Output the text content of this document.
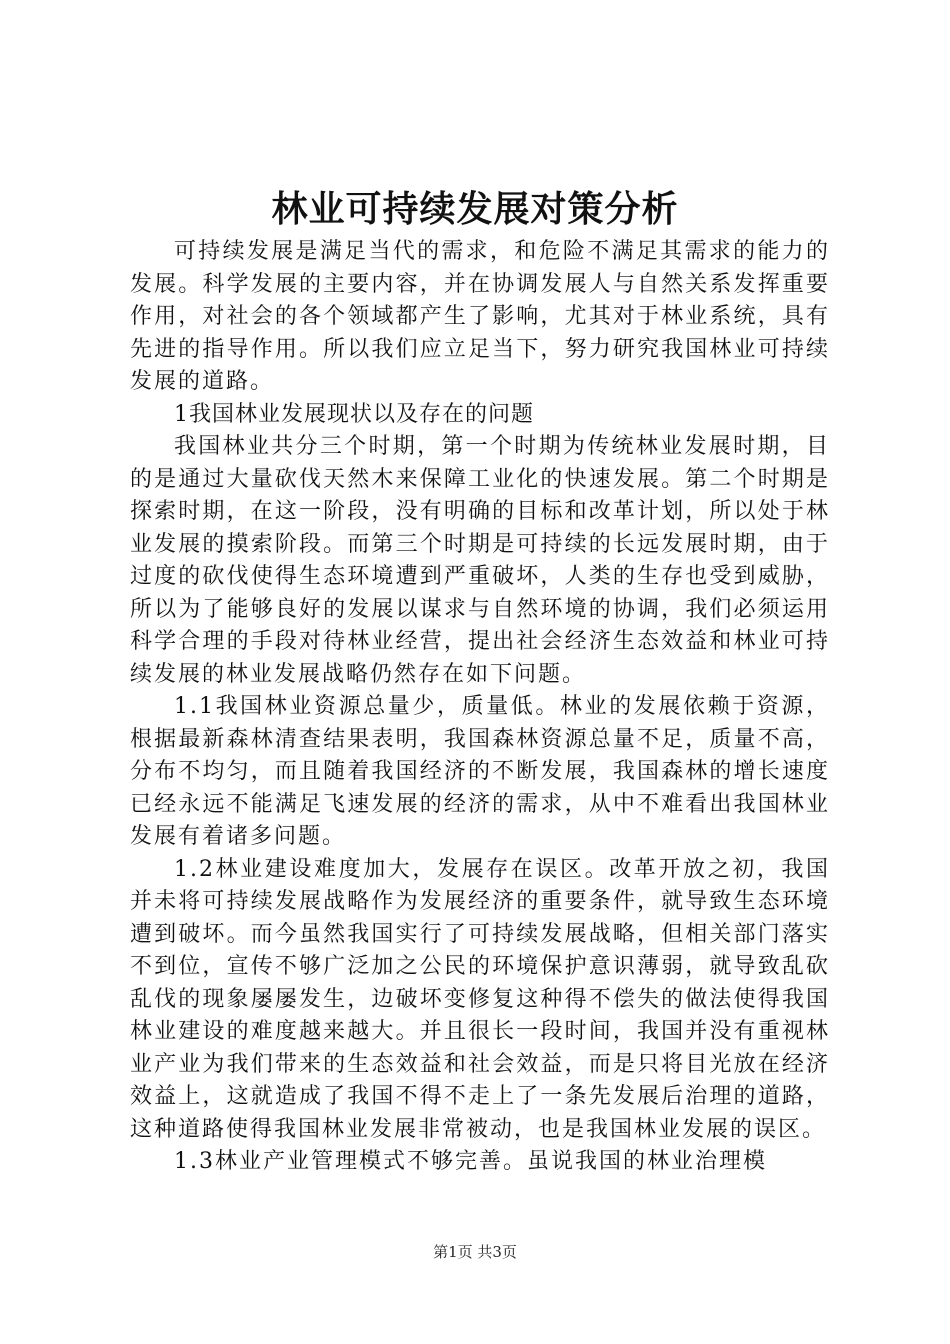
林业可持续发展对策分析

可持续发展是满足当代的需求，和危险不满足其需求的能力的发展。科学发展的主要内容，并在协调发展人与自然关系发挥重要作用，对社会的各个领域都产生了影响，尤其对于林业系统，具有先进的指导作用。所以我们应立足当下，努力研究我国林业可持续发展的道路。

1我国林业发展现状以及存在的问题

我国林业共分三个时期，第一个时期为传统林业发展时期，目的是通过大量砍伐天然木来保障工业化的快速发展。第二个时期是探索时期，在这一阶段，没有明确的目标和改革计划，所以处于林业发展的摸索阶段。而第三个时期是可持续的长远发展时期，由于过度的砍伐使得生态环境遭到严重破坏，人类的生存也受到威胁，所以为了能够良好的发展以谋求与自然环境的协调，我们必须运用科学合理的手段对待林业经营，提出社会经济生态效益和林业可持续发展的林业发展战略仍然存在如下问题。

1.1我国林业资源总量少，质量低。林业的发展依赖于资源，根据最新森林清查结果表明，我国森林资源总量不足，质量不高，分布不均匀，而且随着我国经济的不断发展，我国森林的增长速度已经永远不能满足飞速发展的经济的需求，从中不难看出我国林业发展有着诸多问题。

1.2林业建设难度加大，发展存在误区。改革开放之初，我国并未将可持续发展战略作为发展经济的重要条件，就导致生态环境遭到破坏。而今虽然我国实行了可持续发展战略，但相关部门落实不到位，宣传不够广泛加之公民的环境保护意识薄弱，就导致乱砍乱伐的现象屡屡发生，边破坏变修复这种得不偿失的做法使得我国林业建设的难度越来越大。并且很长一段时间，我国并没有重视林业产业为我们带来的生态效益和社会效益，而是只将目光放在经济效益上，这就造成了我国不得不走上了一条先发展后治理的道路，这种道路使得我国林业发展非常被动，也是我国林业发展的误区。

1.3林业产业管理模式不够完善。虽说我国的林业治理模

第1页 共3页
